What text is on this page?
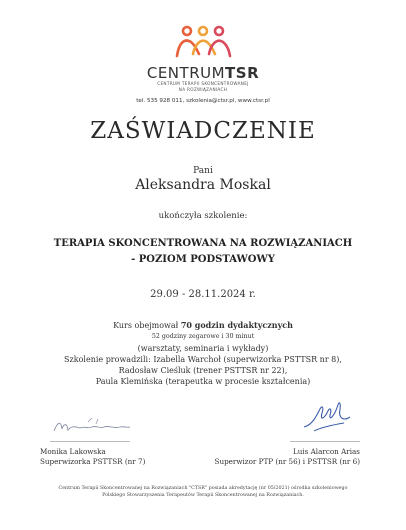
CENTRUMTSR
CENTRUM TERAPII SKONCENTROWANEJ
NA ROZWIĄZANIACH
tel. 535 928 011, szkolenia@ctsr.pl, www.ctsr.pl
ZAŚWIADCZENIE
Pani
Aleksandra Moskal
ukończyła szkolenie:
TERAPIA SKONCENTROWANA NA ROZWIĄZANIACH
- POZIOM PODSTAWOWY
29.09 - 28.11.2024 r.
Kurs obejmował 70 godzin dydaktycznych
52 godziny zegarowe i 30 minut
(warsztaty, seminaria i wykłady)
Szkolenie prowadzili: Izabella Warchoł (superwizorka PSTTSR nr 8),
Radosław Cieśluk (trener PSTTSR nr 22),
Paula Klemińska (terapeutka w procesie kształcenia)
Monika Lakowska
Superwizorka PSTTSR (nr 7)
Luis Alarcon Arias
Superwizor PTP (nr 56) i PSTTSR (nr 6)
Centrum Terapii Skoncentrowanej na Rozwiązaniach "CTSR" posiada akredytację (nr 05/2021) ośrodka szkoleniowego
Polskiego Stowarzyszenia Terapeutów Terapii Skoncentrowanej na Rozwiązaniach.
